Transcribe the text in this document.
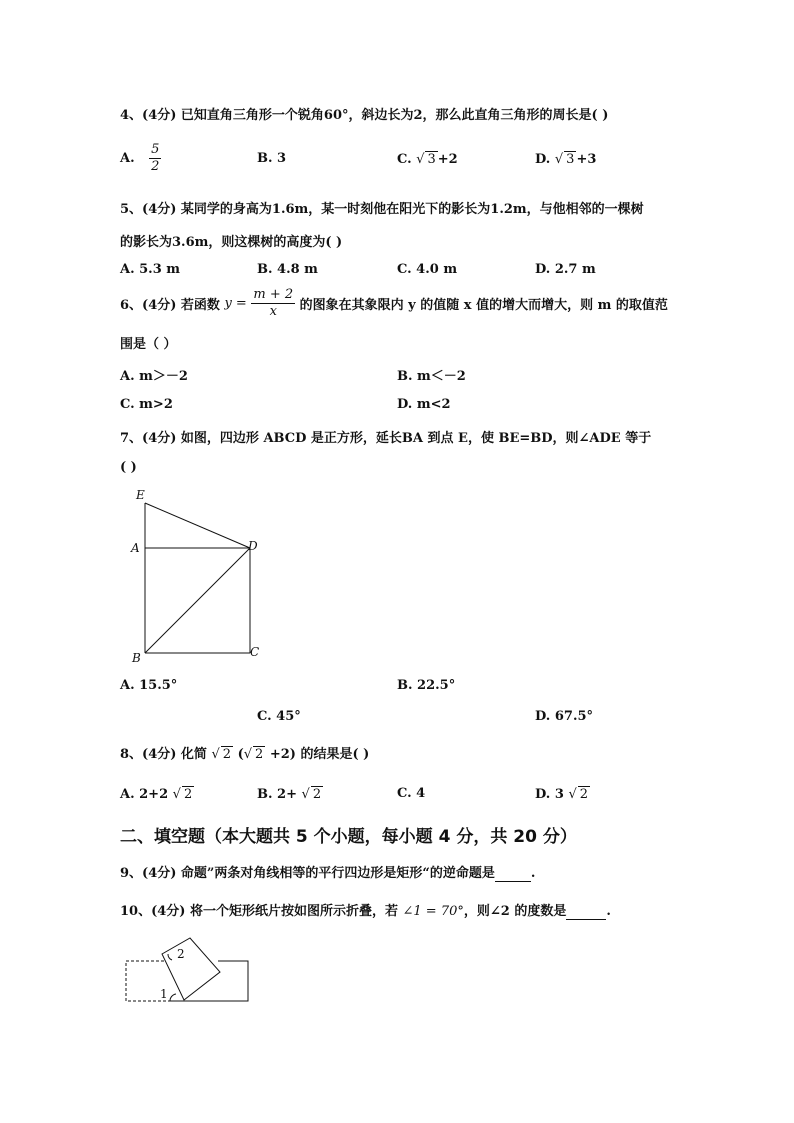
4、(4分) 已知直角三角形一个锐角60°，斜边长为2，那么此直角三角形的周长是( )
A. $\frac{5}{2}$	B. 3	C. √ 3 +2	D. √ 3 +3
5、(4分) 某同学的身高为1.6m，某一时刻他在阳光下的影长为1.2m，与他相邻的一棵树
的影长为3.6m，则这棵树的高度为( )
A. 5.3 m	B. 4.8 m	C. 4.0 m	D. 2.7 m
6、(4分) 若函数 $y = \frac{m + 2}{x}$ 的图象在其象限内 y 的值随 x 值的增大而增大，则 m 的取值范
围是（ ）
A. m＞－2	B. m＜－2
C. m>2	D. m<2
7、(4分) 如图，四边形 ABCD 是正方形，延长BA 到点 E，使 BE=BD，则∠ADE 等于
( )
E
A	D
B	C
A. 15.5°	B. 22.5°
C. 45°	D. 67.5°
8、(4分) 化简 √ 2 (√ 2 +2) 的结果是( )
A. 2+2 √ 2	B. 2+ √ 2	C. 4	D. 3 √ 2
二、填空题（本大题共 5 个小题，每小题 4 分，共 20 分）
9、(4分) 命题”两条对角线相等的平行四边形是矩形“的逆命题是	.
10、(4分) 将一个矩形纸片按如图所示折叠，若 ∠1 = 70°，则∠2 的度数是	.
1
2
